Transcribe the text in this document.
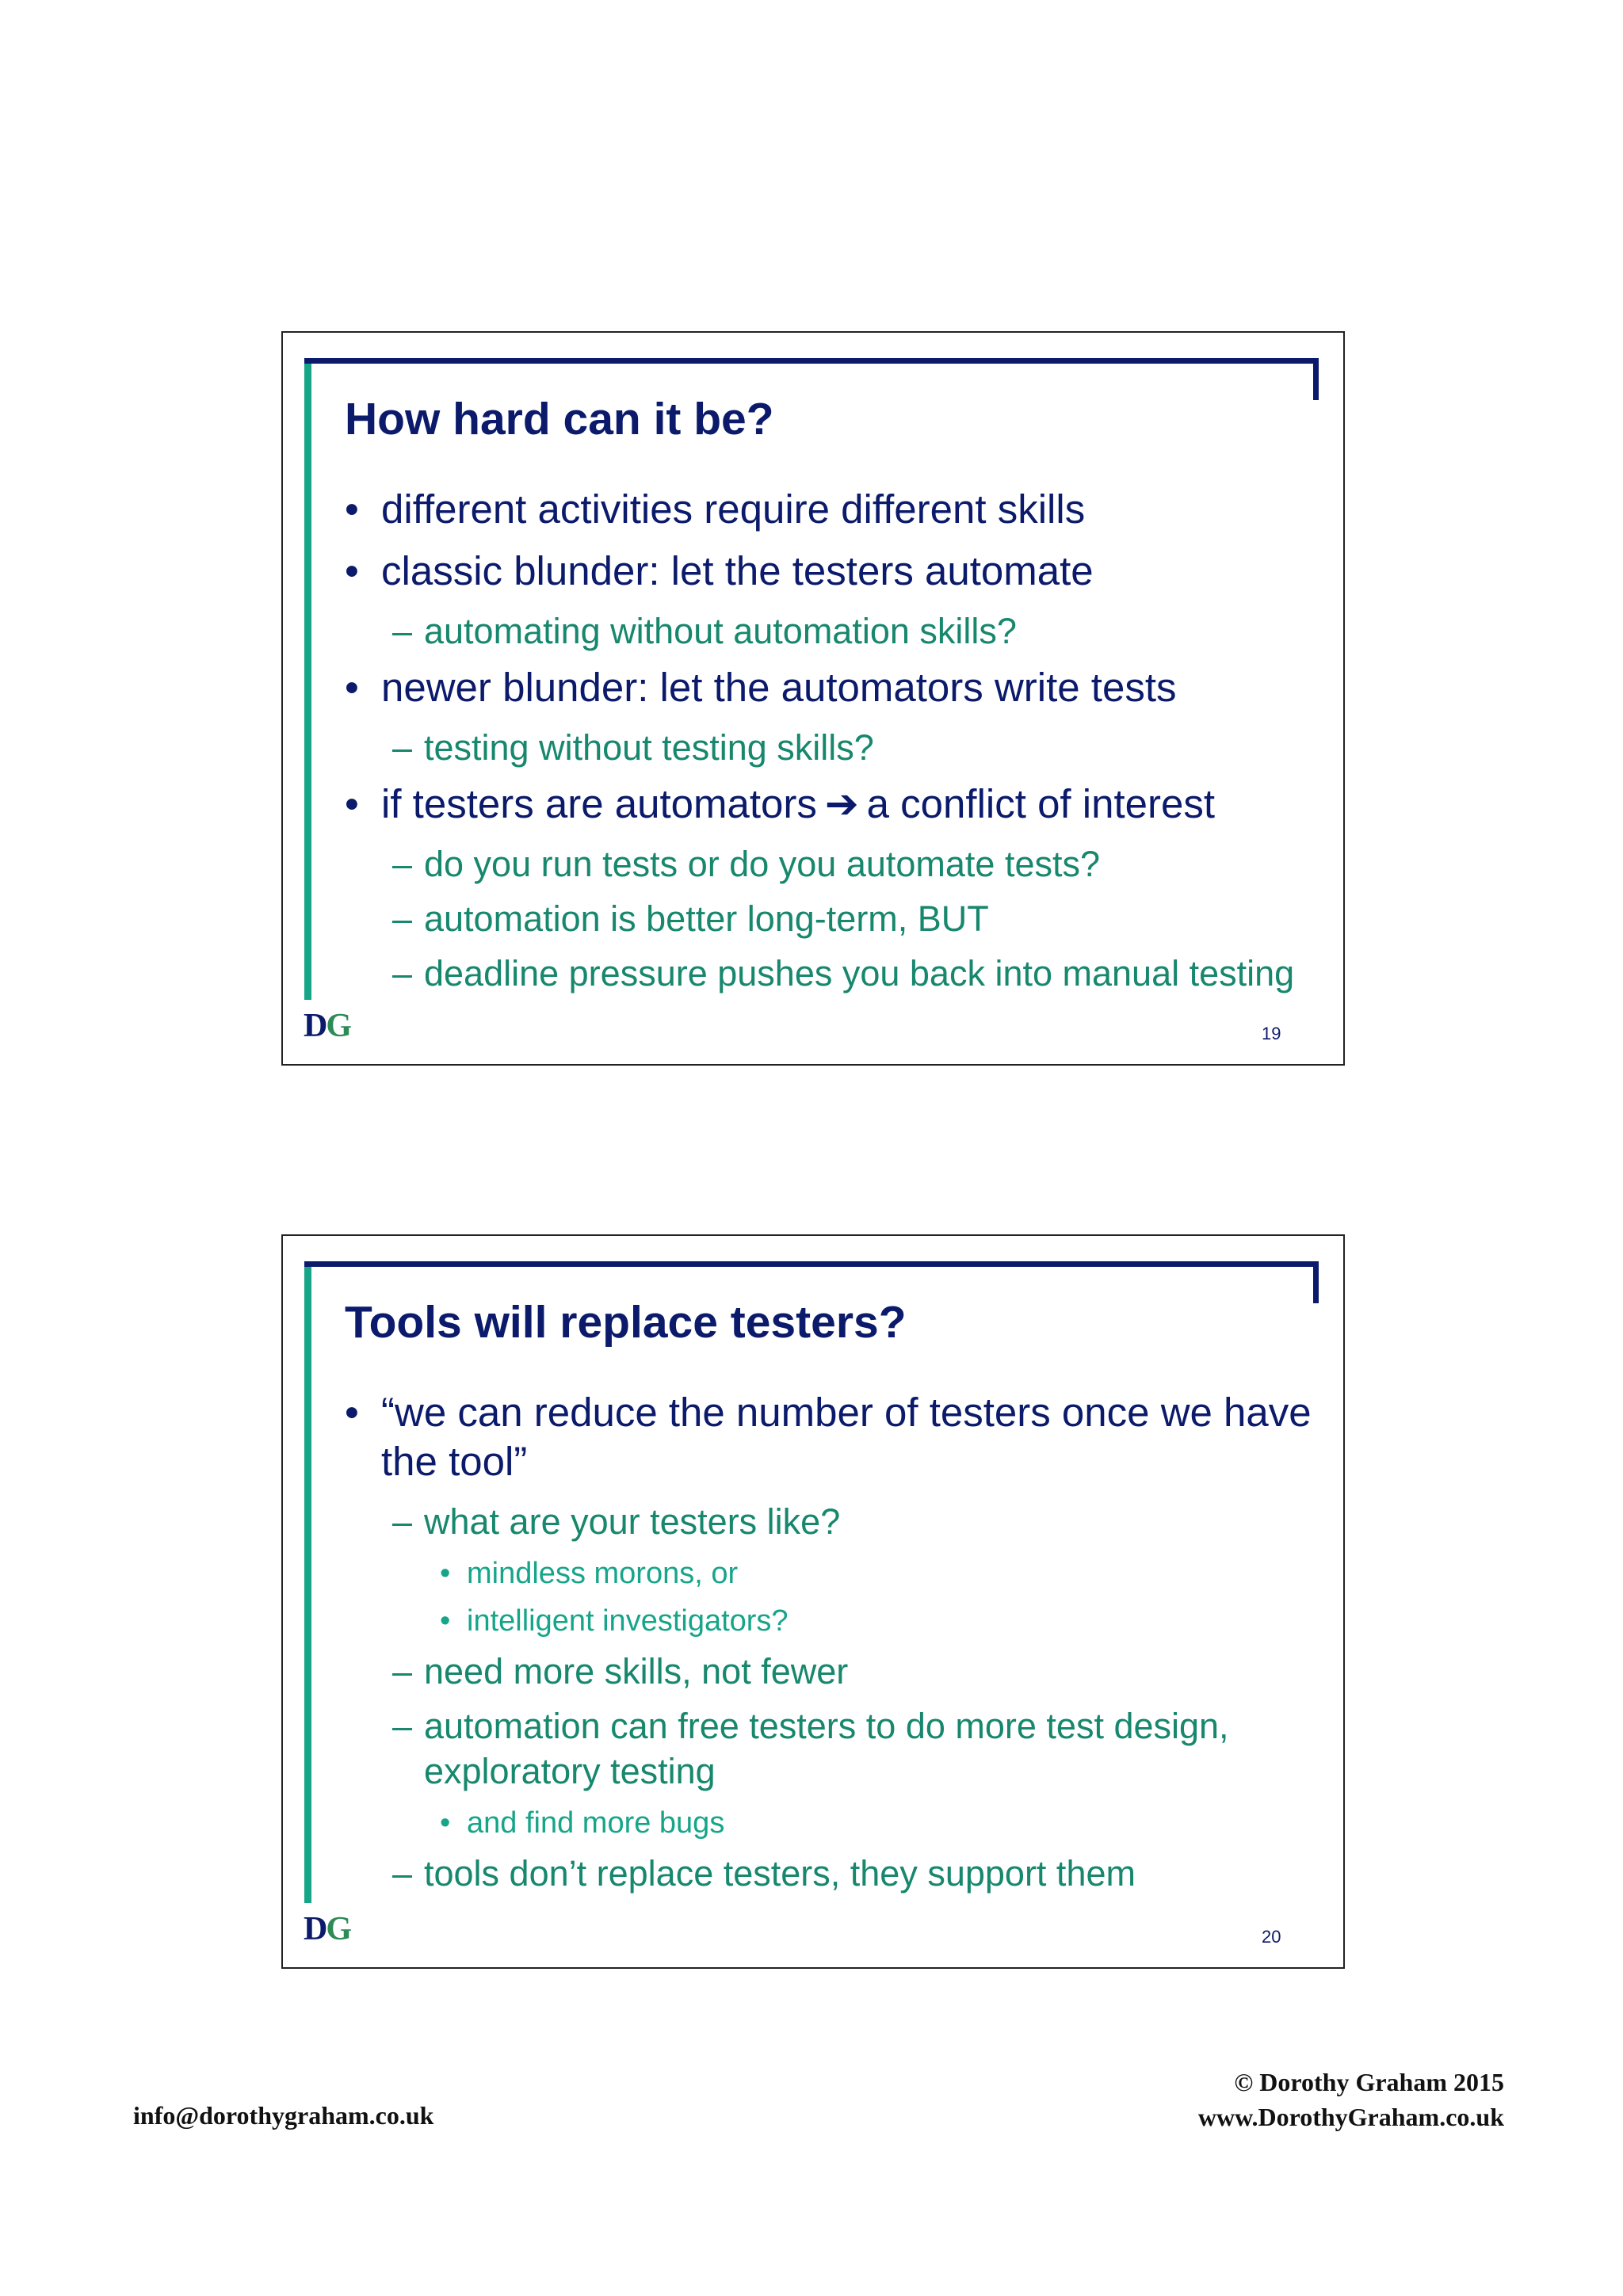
How hard can it be?

• different activities require different skills

• classic blunder: let the testers automate

– automating without automation skills?

• newer blunder: let the automators write tests

– testing without testing skills?

• if testers are automators ➔ a conflict of interest

– do you run tests or do you automate tests?

– automation is better long-term, BUT

– deadline pressure pushes you back into manual testing

DG	19
Tools will replace testers?

• “we can reduce the number of testers once we have the tool”

– what are your testers like?

• mindless morons, or

• intelligent investigators?

– need more skills, not fewer

– automation can free testers to do more test design, exploratory testing

• and find more bugs

– tools don’t replace testers, they support them

DG	20

info@dorothygraham.co.uk

© Dorothy Graham 2015
www.DorothyGraham.co.uk
